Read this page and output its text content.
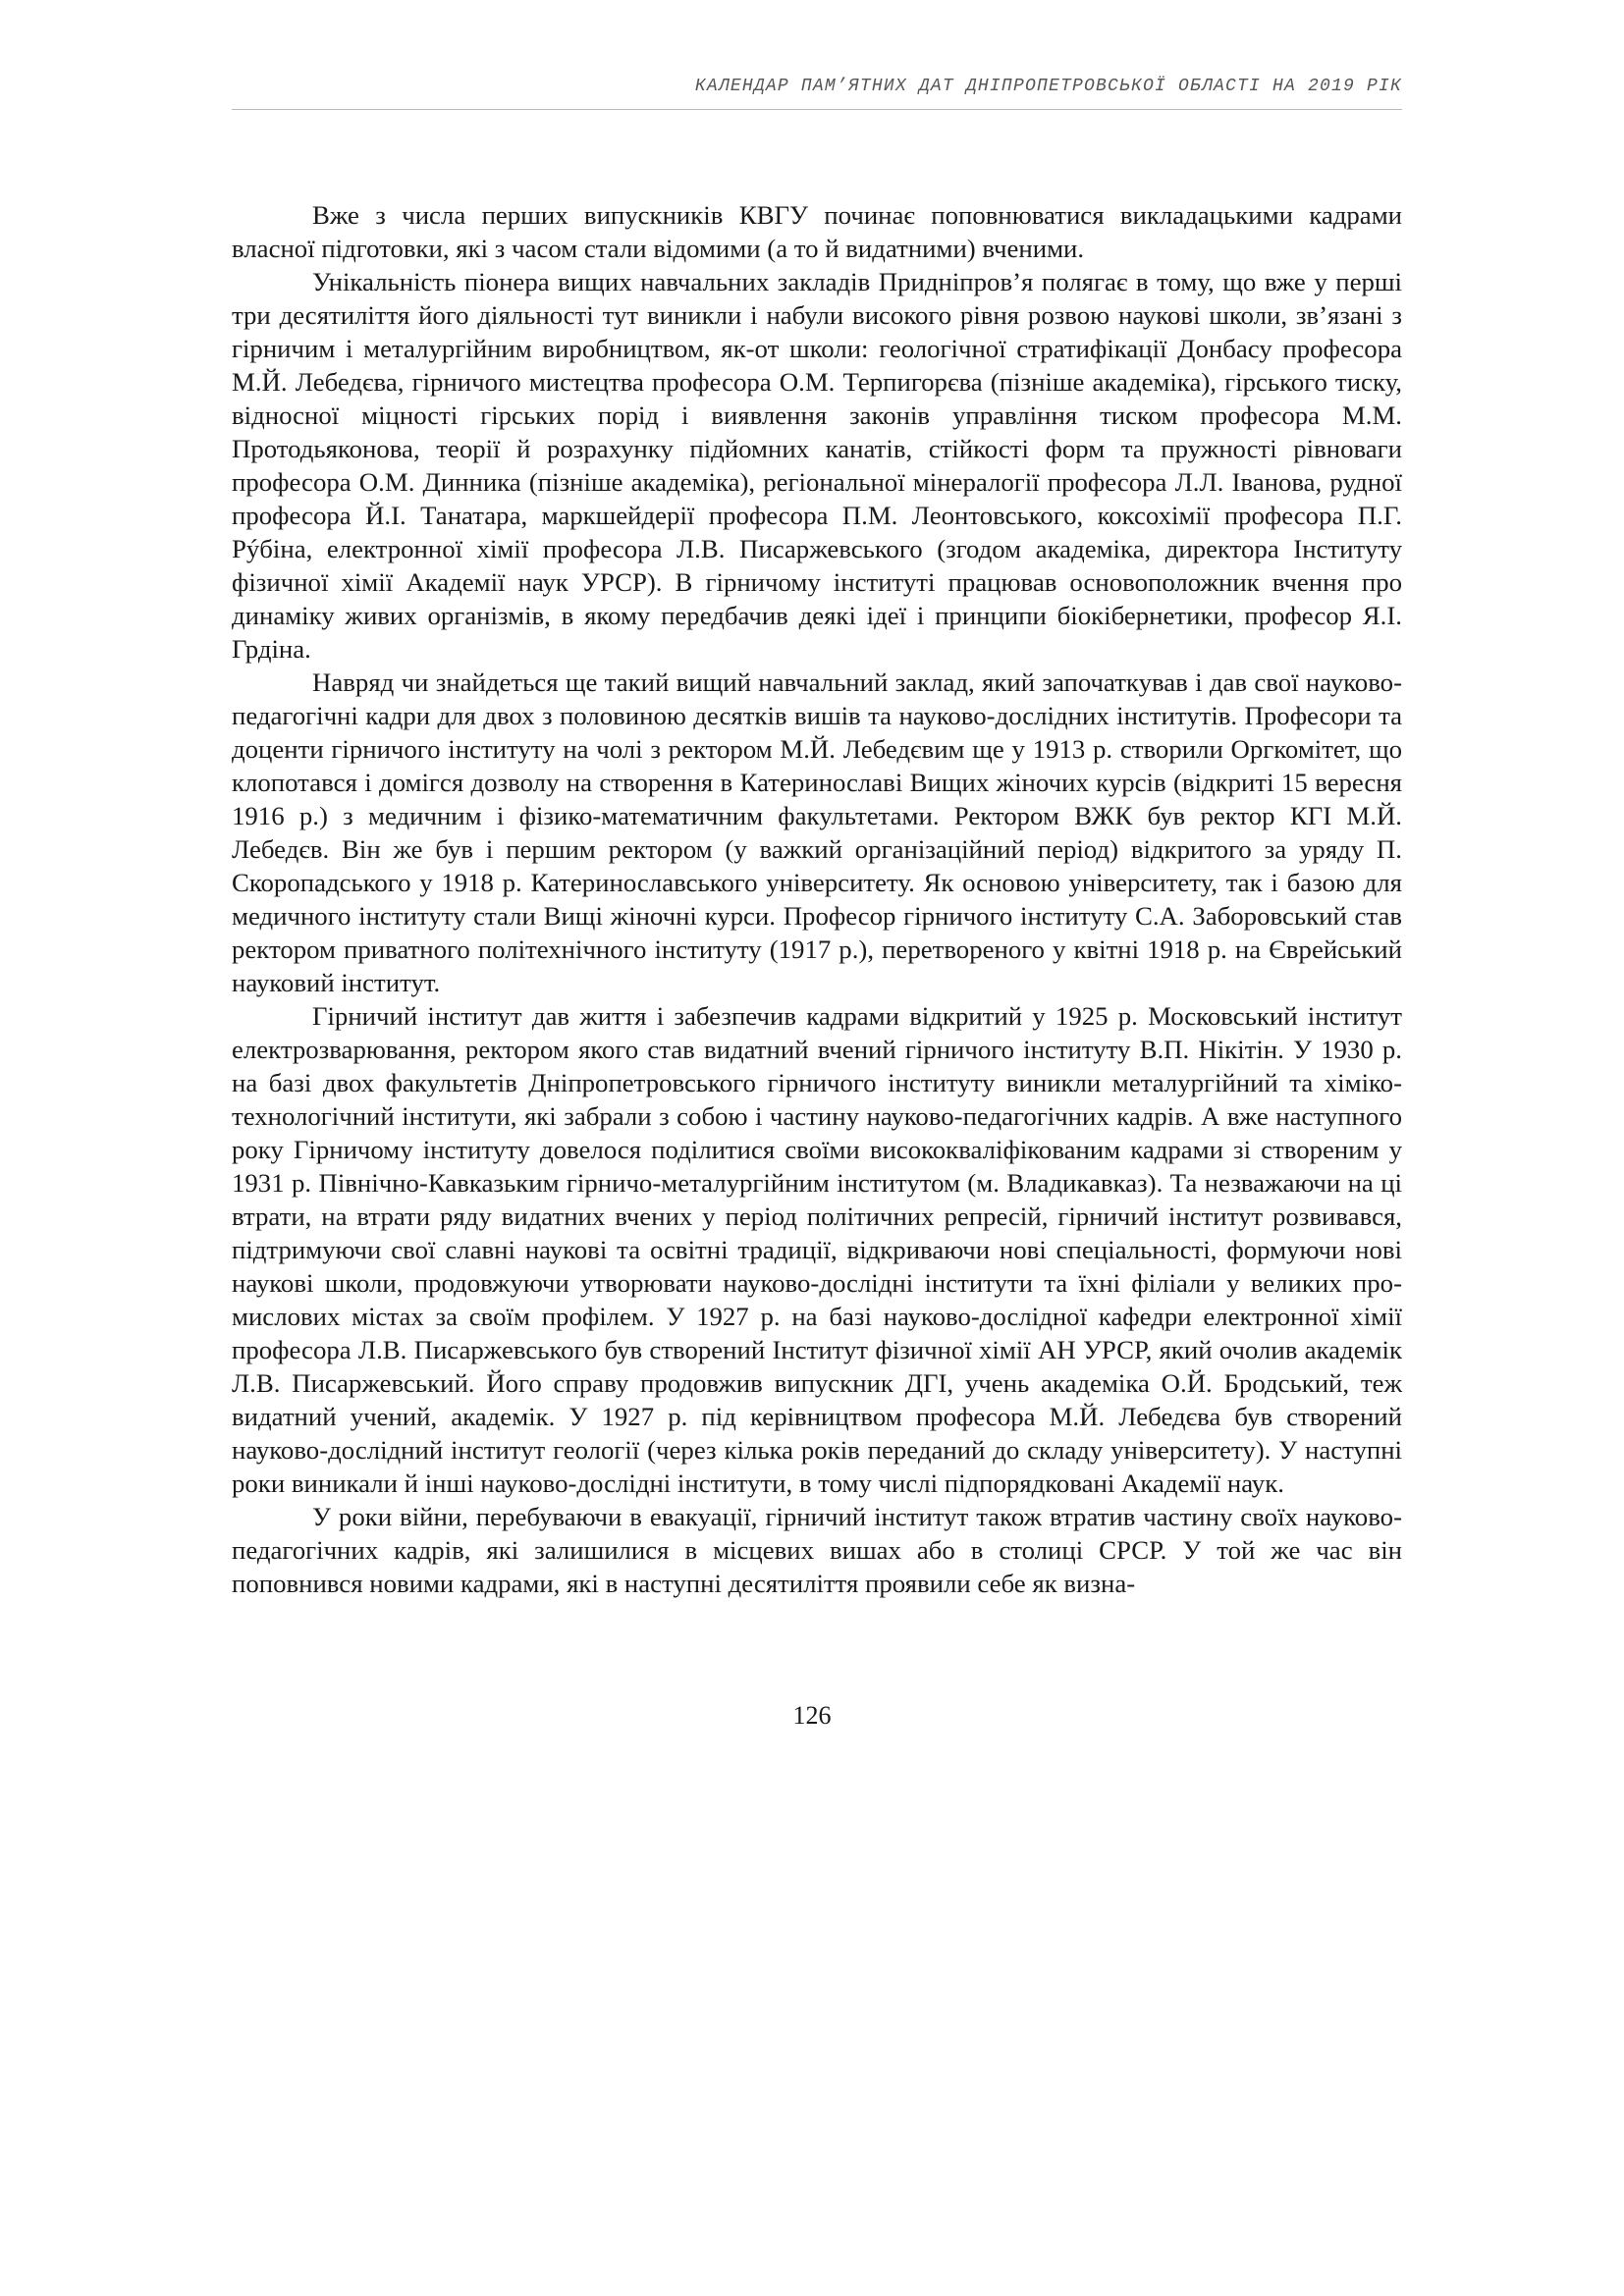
КАЛЕНДАР ПАМ’ЯТНИХ ДАТ ДНІПРОПЕТРОВСЬКОЇ ОБЛАСТІ НА 2019 РІК

Вже з числа перших випускників КВГУ починає поповнюватися викладацькими кадрами власної підготовки, які з часом стали відомими (а то й видатними) вченими.

Унікальність піонера вищих навчальних закладів Придніпров’я полягає в тому, що вже у перші три десятиліття його діяльності тут виникли і набули високого рівня розвою наукові школи, зв’язані з гірничим і металургійним виробництвом, як-от школи: геологічної стратифікації Донбасу професора М.Й. Лебедєва, гірничого мистецтва професора О.М. Терпигорєва (пізніше академіка), гірського тиску, відносної міцності гірських порід і виявлення законів управління тиском професора М.М. Протодьяконова, теорії й розрахунку підйомних канатів, стійкості форм та пружності рівноваги професора О.М. Динника (пізніше академіка), регіональної мінералогії професора Л.Л. Іванова, рудної професора Й.І. Танатара, маркшейдерії професора П.М. Леонтовського, коксохімії професора П.Г. Рýбіна, електронної хімії професора Л.В. Писаржевського (згодом академіка, директора Інституту фізичної хімії Академії наук УРСР). В гірничому інституті працював основоположник вчення про динаміку живих організмів, в якому передбачив деякі ідеї і принципи біокібернетики, професор Я.І. Грдіна.

Навряд чи знайдеться ще такий вищий навчальний заклад, який започаткував і дав свої науково-педагогічні кадри для двох з половиною десятків вишів та науково-дослідних інститутів. Професори та доценти гірничого інституту на чолі з ректором М.Й. Лебедєвим ще у 1913 р. створили Оргкомітет, що клопотався і домігся дозволу на створення в Катеринославі Вищих жіночих курсів (відкриті 15 вересня 1916 р.) з медичним і фізико-математичним факультетами. Ректором ВЖК був ректор КГІ М.Й. Лебедєв. Він же був і першим ректором (у важкий організаційний період) відкритого за уряду П. Скоропадського у 1918 р. Катеринославського університету. Як основою університету, так і базою для медичного інституту стали Вищі жіночні курси. Професор гірничого інституту С.А. Заборовський став ректором приватного політехнічного інституту (1917 р.), перетвореного у квітні 1918 р. на Єврейський науковий інститут.

Гірничий інститут дав життя і забезпечив кадрами відкритий у 1925 р. Московський інститут електрозварювання, ректором якого став видатний вчений гірничого інституту В.П. Нікітін. У 1930 р. на базі двох факультетів Дніпропетровського гірничого інституту виникли металургійний та хіміко-технологічний інститути, які забрали з собою і частину науково-педагогічних кадрів. А вже наступного року Гірничому інституту довелося поділитися своїми висококваліфікованим кадрами зі створеним у 1931 р. Північно-Кавказьким гірничо-металургійним інститутом (м. Владикавказ). Та незважаючи на ці втрати, на втрати ряду видатних вчених у період політичних репресій, гірничий інститут розвивався, підтримуючи свої славні наукові та освітні традиції, відкриваючи нові спеціальності, формуючи нові наукові школи, продовжуючи утворювати науково-дослідні інститути та їхні філіали у великих промислових містах за своїм профілем. У 1927 р. на базі науково-дослідної кафедри електронної хімії професора Л.В. Писаржевського був створений Інститут фізичної хімії АН УРСР, який очолив академік Л.В. Писаржевський. Його справу продовжив випускник ДГІ, учень академіка О.Й. Бродський, теж видатний учений, академік. У 1927 р. під керівництвом професора М.Й. Лебедєва був створений науково-дослідний інститут геології (через кілька років переданий до складу університету). У наступні роки виникали й інші науково-дослідні інститути, в тому числі підпорядковані Академії наук.

У роки війни, перебуваючи в евакуації, гірничий інститут також втратив частину своїх науково-педагогічних кадрів, які залишилися в місцевих вишах або в столиці СРСР. У той же час він поповнився новими кадрами, які в наступні десятиліття проявили себе як визна-

126
